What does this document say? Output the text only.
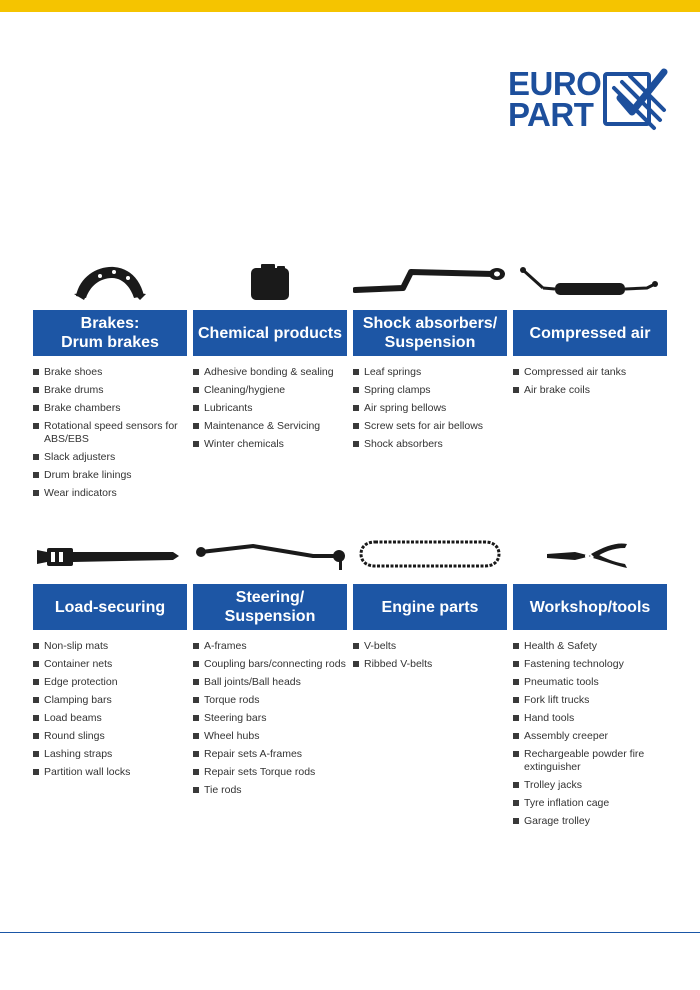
EURO
PART
Brakes:
Drum brakes
Brake shoes
Brake drums
Brake chambers
Rotational speed sensors for ABS/EBS
Slack adjusters
Drum brake linings
Wear indicators
Chemical products
Adhesive bonding & sealing
Cleaning/hygiene
Lubricants
Maintenance & Servicing
Winter chemicals
Shock absorbers/
Suspension
Leaf springs
Spring clamps
Air spring bellows
Screw sets for air bellows
Shock absorbers
Compressed air
Compressed air tanks
Air brake coils
Load-securing
Non-slip mats
Container nets
Edge protection
Clamping bars
Load beams
Round slings
Lashing straps
Partition wall locks
Steering/
Suspension
A-frames
Coupling bars/connecting rods
Ball joints/Ball heads
Torque rods
Steering bars
Wheel hubs
Repair sets A-frames
Repair sets Torque rods
Tie rods
Engine parts
V-belts
Ribbed V-belts
Workshop/tools
Health & Safety
Fastening technology
Pneumatic tools
Fork lift trucks
Hand tools
Assembly creeper
Rechargeable powder fire extinguisher
Trolley jacks
Tyre inflation cage
Garage trolley
